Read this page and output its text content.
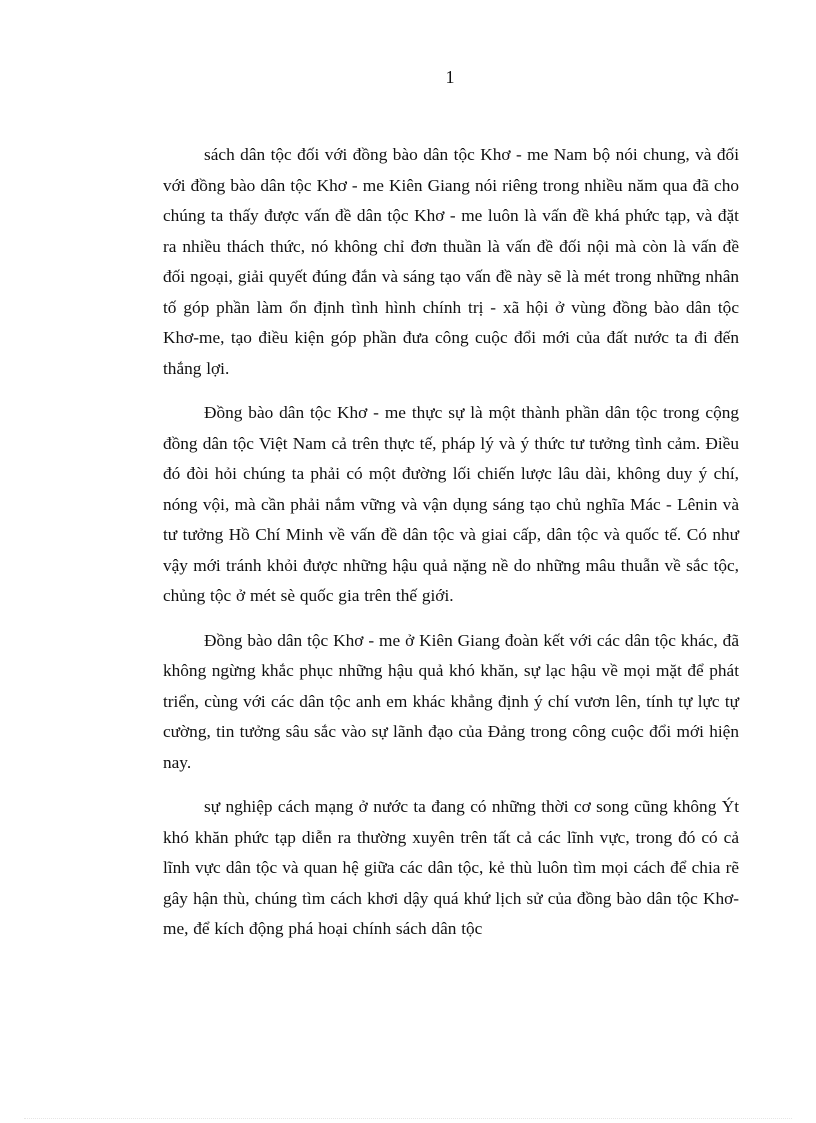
1

sách dân tộc đối với đồng bào dân tộc Khơ - me Nam bộ nói chung, và đối với đồng bào dân tộc Khơ - me Kiên Giang nói riêng trong nhiều năm qua đã cho chúng ta thấy được vấn đề dân tộc Khơ - me luôn là vấn đề khá phức tạp, và đặt ra nhiều thách thức, nó không chỉ đơn thuần là vấn đề đối nội mà còn là vấn đề đối ngoại, giải quyết đúng đắn và sáng tạo vấn đề này sẽ là mét trong những nhân tố góp phần làm ổn định tình hình chính trị - xã hội ở vùng đồng bào dân tộc Khơ-me, tạo điều kiện góp phần đưa công cuộc đổi mới của đất nước ta đi đến thắng lợi.

Đồng bào dân tộc Khơ - me thực sự là một thành phần dân tộc trong cộng đồng dân tộc Việt Nam cả trên thực tế, pháp lý và ý thức tư tưởng tình cảm. Điều đó đòi hỏi chúng ta phải có một đường lối chiến lược lâu dài, không duy ý chí, nóng vội, mà cần phải nắm vững và vận dụng sáng tạo chủ nghĩa Mác - Lênin và tư tưởng Hồ Chí Minh về vấn đề dân tộc và giai cấp, dân tộc và quốc tế. Có như vậy mới tránh khỏi được những hậu quả nặng nề do những mâu thuẫn về sắc tộc, chủng tộc ở mét sè quốc gia trên thế giới.

Đồng bào dân tộc Khơ - me ở Kiên Giang đoàn kết với các dân tộc khác, đã không ngừng khắc phục những hậu quả khó khăn, sự lạc hậu về mọi mặt để phát triển, cùng với các dân tộc anh em khác khẳng định ý chí vươn lên, tính tự lực tự cường, tin tưởng sâu sắc vào sự lãnh đạo của Đảng trong công cuộc đổi mới hiện nay.

sự nghiệp cách mạng ở nước ta đang có những thời cơ song cũng không Ýt khó khăn phức tạp diễn ra thường xuyên trên tất cả các lĩnh vực, trong đó có cả lĩnh vực dân tộc và quan hệ giữa các dân tộc, kẻ thù luôn tìm mọi cách để chia rẽ gây hận thù, chúng tìm cách khơi dậy quá khứ lịch sử của đồng bào dân tộc Khơ-me, để kích động phá hoại chính sách dân tộc
